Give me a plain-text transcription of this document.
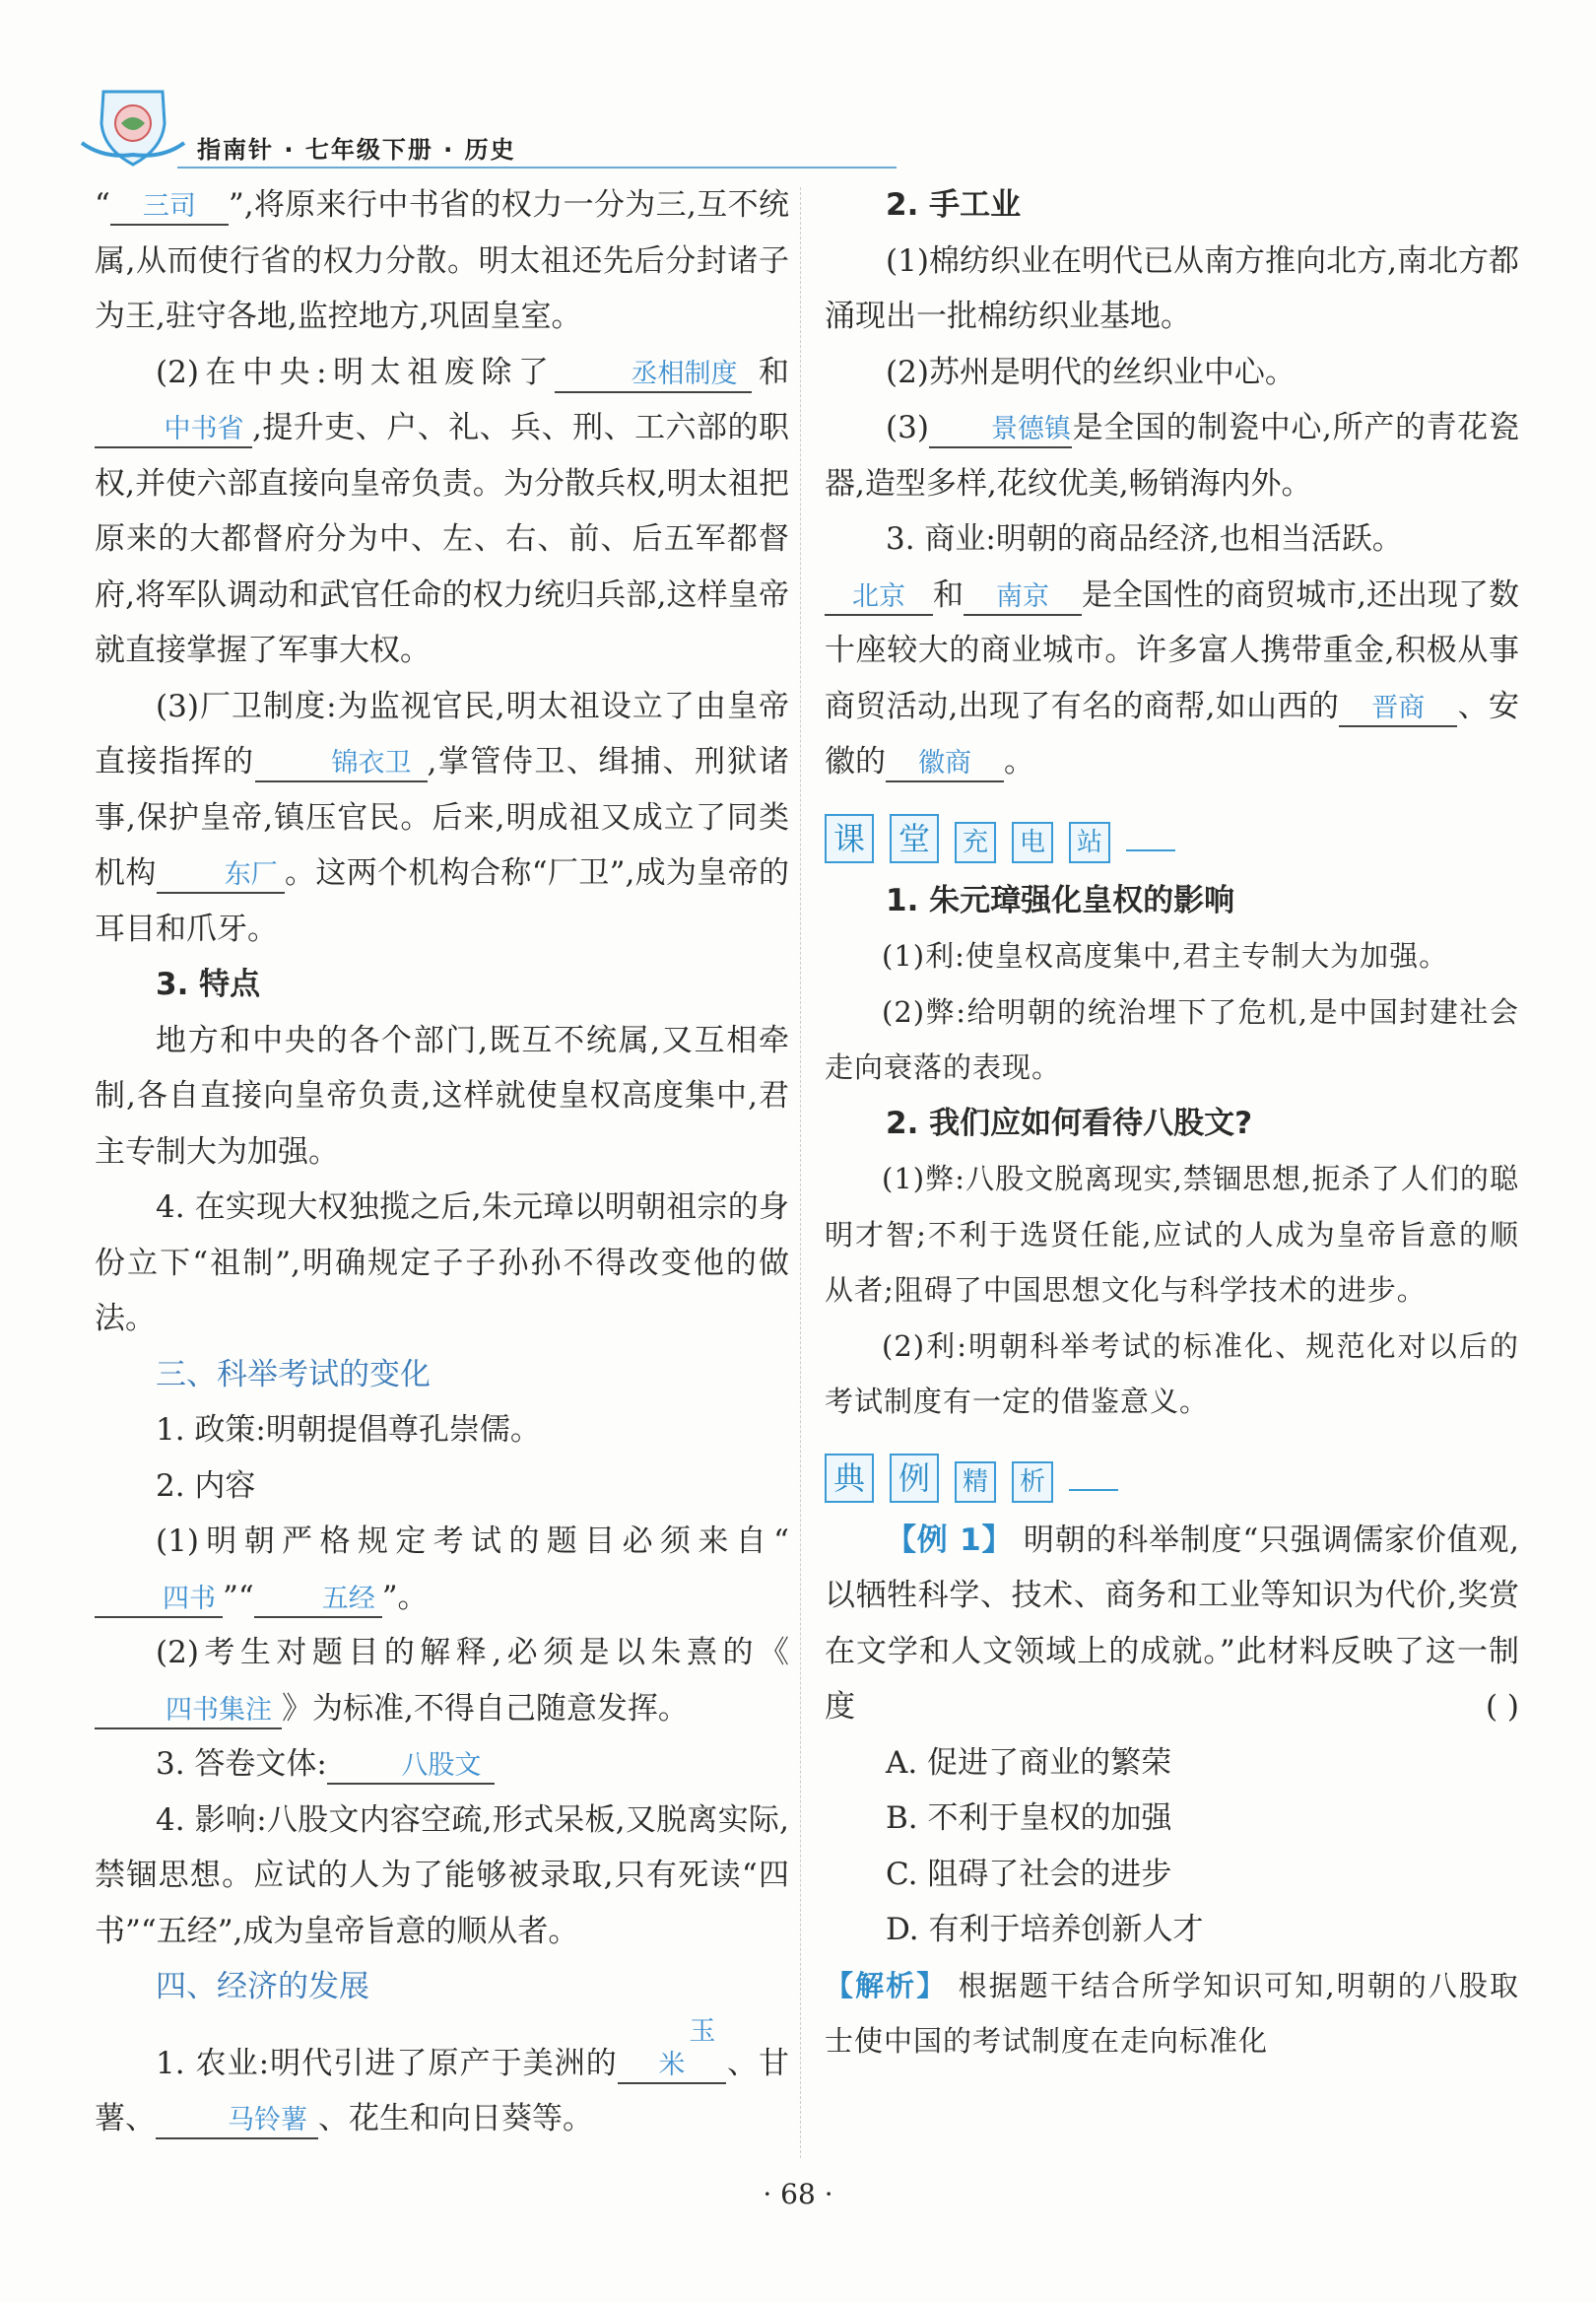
指南针 · 七年级下册 · 历史

“ 三司 ”,将原来行中书省的权力一分为三,互不统属,从而使行省的权力分散。明太祖还先后分封诸子为王,驻守各地,监控地方,巩固皇室。

(2)在中央:明太祖废除了	丞相制度 和中书省 ,提升吏、户、礼、兵、刑、工六部的职权,并使六部直接向皇帝负责。为分散兵权,明太祖把原来的大都督府分为中、左、右、前、后五军都督府,将军队调动和武官任命的权力统归兵部,这样皇帝就直接掌握了军事大权。

(3)厂卫制度:为监视官民,明太祖设立了由皇帝直接指挥的	锦衣卫 ,掌管侍卫、缉捕、刑狱诸事,保护皇帝,镇压官民。后来,明成祖又成立了同类机构	东厂 。这两个机构合称“厂卫”,成为皇帝的耳目和爪牙。

3. 特点

地方和中央的各个部门,既互不统属,又互相牵制,各自直接向皇帝负责,这样就使皇权高度集中,君主专制大为加强。

4. 在实现大权独揽之后,朱元璋以明朝祖宗的身份立下“祖制”,明确规定子子孙孙不得改变他的做法。

三、科举考试的变化

1. 政策:明朝提倡尊孔崇儒。

2. 内容

(1)明朝严格规定考试的题目必须来自“四书 ”“	五经 ”。

(2)考生对题目的解释,必须是以朱熹的《四书集注 》为标准,不得自己随意发挥。

3. 答卷文体:	八股文

4. 影响:八股文内容空疏,形式呆板,又脱离实际,禁锢思想。应试的人为了能够被录取,只有死读“四书”“五经”,成为皇帝旨意的顺从者。

四、经济的发展

1. 农业:明代引进了原产于美洲的玉米 、甘薯、	马铃薯 、花生和向日葵等。

2. 手工业

(1)棉纺织业在明代已从南方推向北方,南北方都涌现出一批棉纺织业基地。

(2)苏州是明代的丝织业中心。

(3) 景德镇是全国的制瓷中心,所产的青花瓷器,造型多样,花纹优美,畅销海内外。

3. 商业:明朝的商品经济,也相当活跃。

北京 和 南京 是全国性的商贸城市,还出现了数十座较大的商业城市。许多富人携带重金,积极从事商贸活动,出现了有名的商帮,如山西的 晋商 、安徽的 徽商 。

课 堂	充	电	站

1. 朱元璋强化皇权的影响

(1)利:使皇权高度集中,君主专制大为加强。

(2)弊:给明朝的统治埋下了危机,是中国封建社会走向衰落的表现。

2. 我们应如何看待八股文?

(1)弊:八股文脱离现实,禁锢思想,扼杀了人们的聪明才智;不利于选贤任能,应试的人成为皇帝旨意的顺从者;阻碍了中国思想文化与科学技术的进步。

(2)利:明朝科举考试的标准化、规范化对以后的考试制度有一定的借鉴意义。

典 例	精	析

【例 1】 明朝的科举制度“只强调儒家价值观,以牺牲科学、技术、商务和工业等知识为代价,奖赏在文学和人文领域上的成就。”此材料反映了这一制度	( )

A. 促进了商业的繁荣

B. 不利于皇权的加强

C. 阻碍了社会的进步

D. 有利于培养创新人才

【解析】 根据题干结合所学知识可知,明朝的八股取士使中国的考试制度在走向标准化

· 68 ·
